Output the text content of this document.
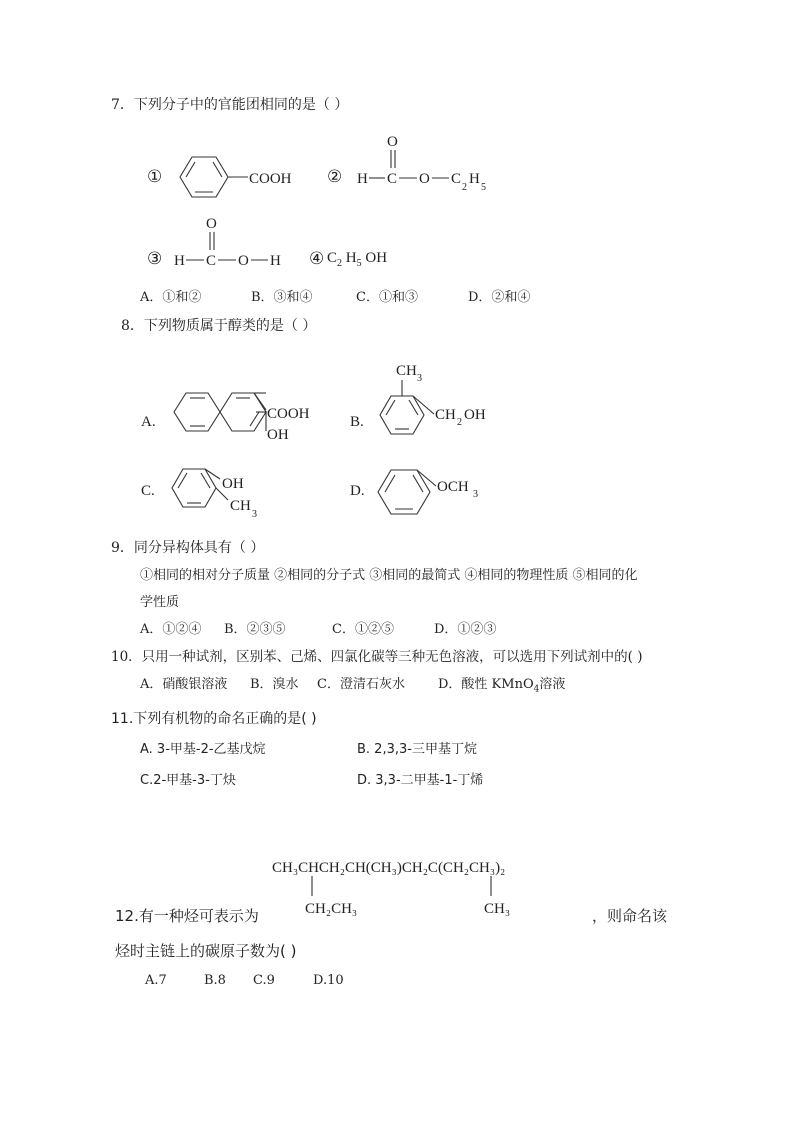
7．下列分子中的官能团相同的是（ ）
①	COOH ②
O
H C O C
2
H
5
③
O
H C O H ④ $C_2$ $H_5$ OH
A．①和②	B．③和④	C．①和③	D．②和④
8．下列物质属于醇类的是（ ）
A.	COOH
OH
B.
CH 3
CH 2 OH
C.	OH
CH
3
D.	OCH 3
9．同分异构体具有（ ）
①相同的相对分子质量 ②相同的分子式 ③相同的最简式 ④相同的物理性质 ⑤相同的化
学性质
A．①②④ B．②③⑤	C．①②⑤	D．①②③
10．只用一种试剂，区别苯、己烯、四氯化碳等三种无色溶液，可以选用下列试剂中的( )
A．硝酸银溶液 B．溴水 C．澄清石灰水	D．酸性 KMnO$_4$溶液
11.下列有机物的命名正确的是( )
A. 3-甲基-2-乙基戊烷	B. 2,3,3-三甲基丁烷
C.2-甲基-3-丁炔	D. 3,3-二甲基-1-丁烯
CH₃CHCH₂CH(CH₃)CH₂C(CH₂CH₃)₂
CH₂CH₃	CH₃
12.有一种烃可表示为	，则命名该
烃时主链上的碳原子数为( )
A.7	B.8 C.9	D.10
